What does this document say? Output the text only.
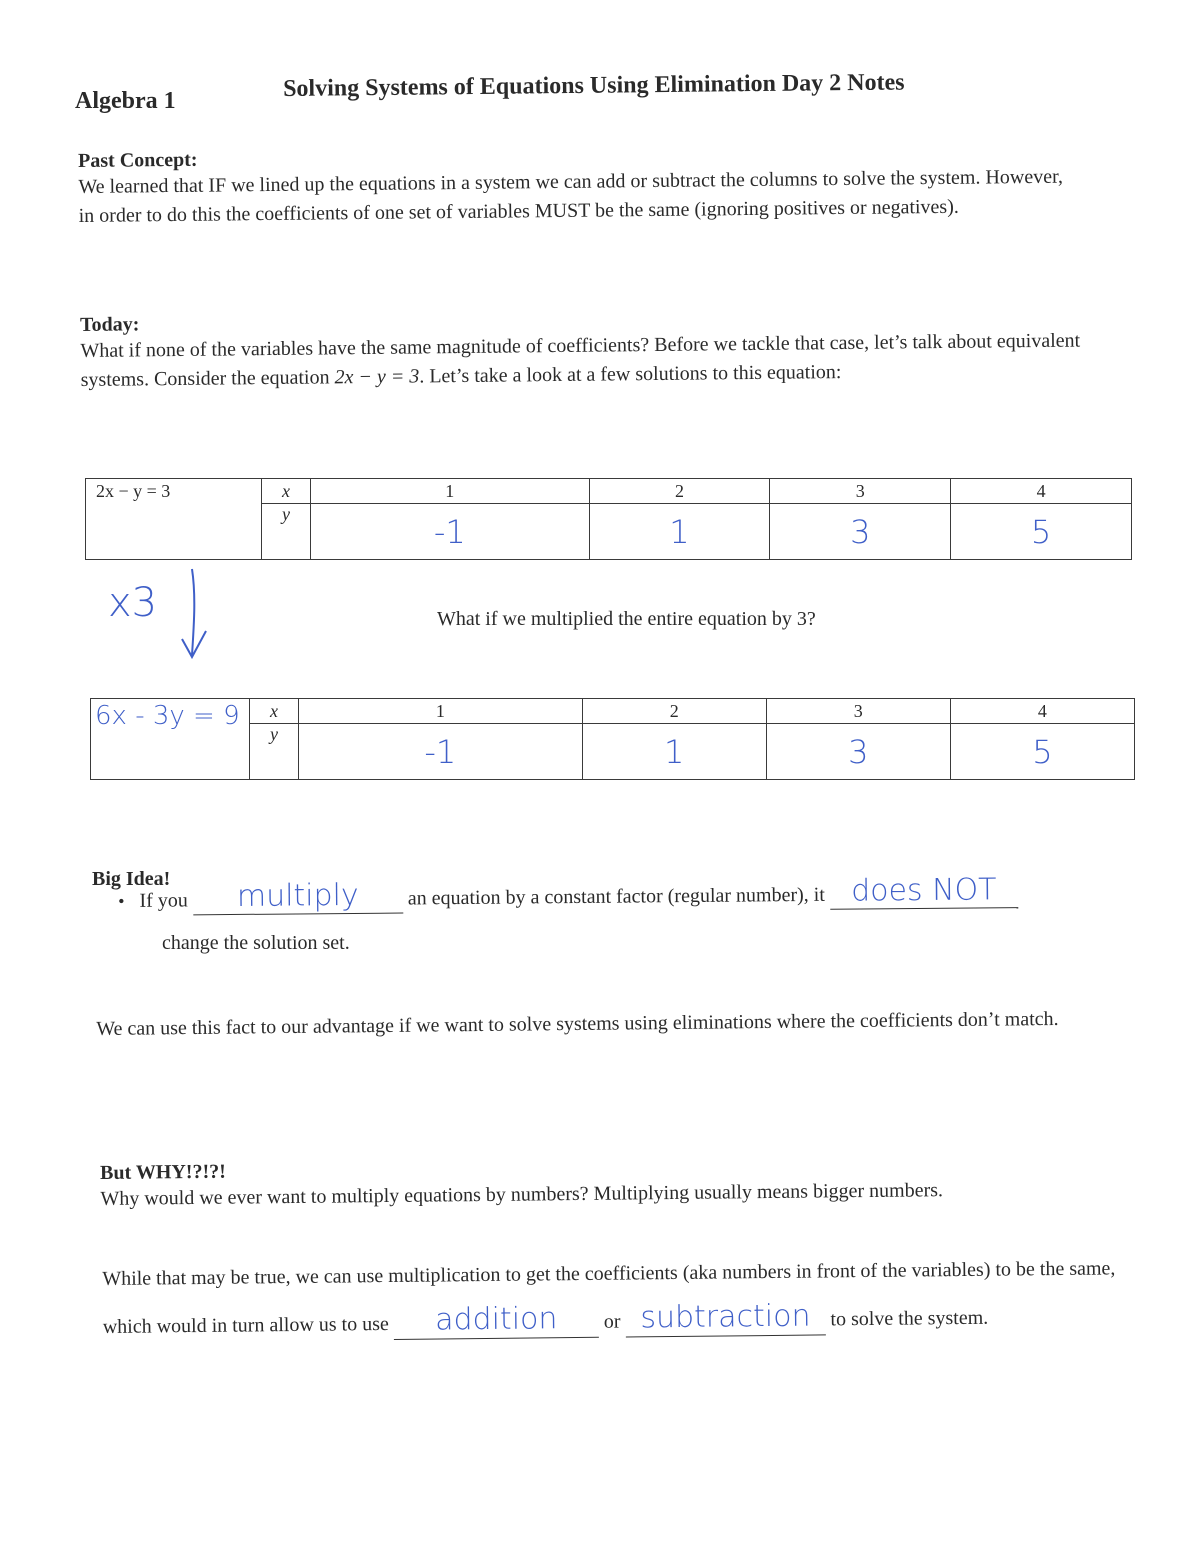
Algebra 1	Solving Systems of Equations Using Elimination Day 2 Notes
Past Concept:
We learned that IF we lined up the equations in a system we can add or subtract the columns to solve the system. However, in order to do this the coefficients of one set of variables MUST be the same (ignoring positives or negatives).
Today:
What if none of the variables have the same magnitude of coefficients? Before we tackle that case, let’s talk about equivalent systems. Consider the equation 2x − y = 3. Let’s take a look at a few solutions to this equation:
2x − y = 3	x	1	2	3	4
	y	-1	1	3	5
x3	What if we multiplied the entire equation by 3?
6x - 3y = 9	x	1	2	3	4
	y	-1	1	3	5
Big Idea!
• If you multiply an equation by a constant factor (regular number), it does NOT
change the solution set.
We can use this fact to our advantage if we want to solve systems using eliminations where the coefficients don’t match.
But WHY!?!?!
Why would we ever want to multiply equations by numbers? Multiplying usually means bigger numbers.
While that may be true, we can use multiplication to get the coefficients (aka numbers in front of the variables) to be the same, which would in turn allow us to use addition or subtraction to solve the system.
